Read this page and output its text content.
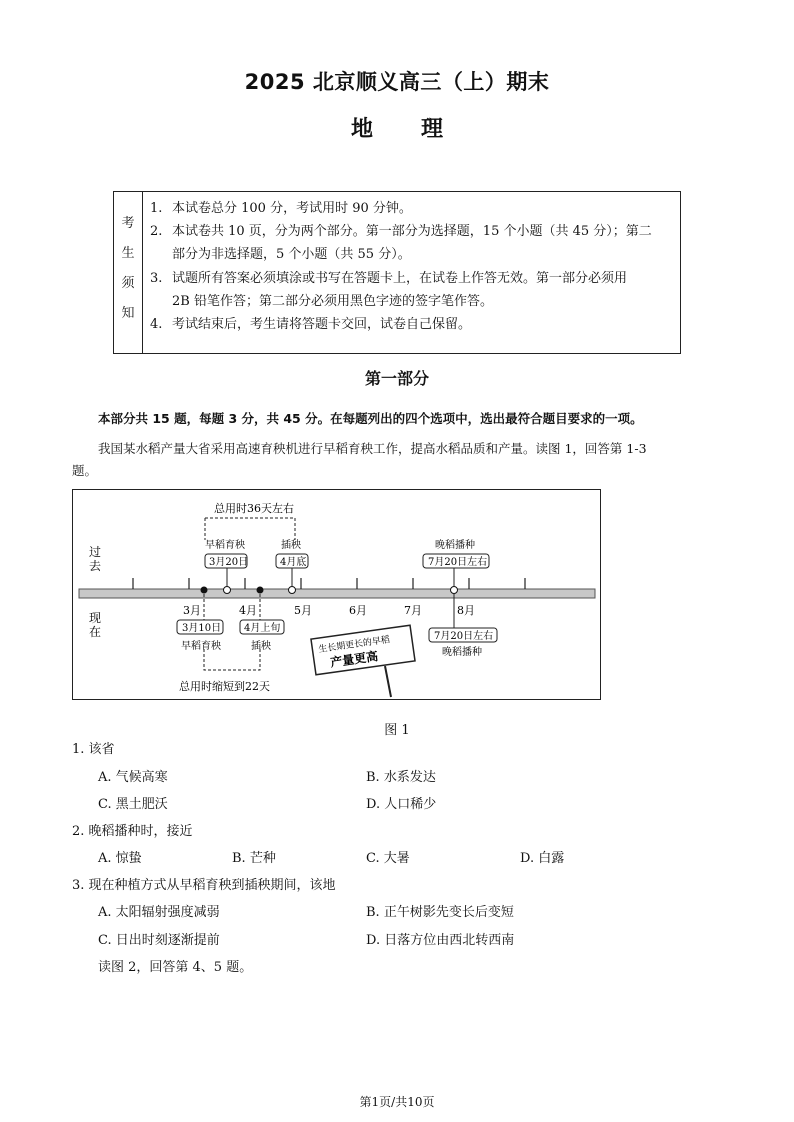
2025 北京顺义高三（上）期末
地 理
考
生
须
知
1. 本试卷总分 100 分，考试用时 90 分钟。
2. 本试卷共 10 页，分为两个部分。第一部分为选择题，15 个小题（共 45 分）；第二
部分为非选择题，5 个小题（共 55 分）。
3. 试题所有答案必须填涂或书写在答题卡上，在试卷上作答无效。第一部分必须用
2B 铅笔作答；第二部分必须用黑色字迹的签字笔作答。
4. 考试结束后，考生请将答题卡交回，试卷自己保留。
第一部分
本部分共 15 题，每题 3 分，共 45 分。在每题列出的四个选项中，选出最符合题目要求的一项。
我国某水稻产量大省采用高速育秧机进行早稻育秧工作，提高水稻品质和产量。读图 1，回答第 1-3
题。
过
去
现
在
总用时36天左右
早稻育秧
3月20日
插秧
4月底
晚稻播种
7月20日左右
3月	4月	5月	6月	7月	8月
3月10日
早稻育秧
4月上旬
插秧
总用时缩短到22天
7月20日左右
晚稻播种
生长期更长的早稻
产量更高
图 1
1. 该省
A. 气候高寒	B. 水系发达
C. 黑土肥沃	D. 人口稀少
2. 晚稻播种时，接近
A. 惊蛰	B. 芒种	C. 大暑	D. 白露
3. 现在种植方式从早稻育秧到插秧期间，该地
A. 太阳辐射强度减弱	B. 正午树影先变长后变短
C. 日出时刻逐渐提前	D. 日落方位由西北转西南
读图 2，回答第 4、5 题。
第1页/共10页
